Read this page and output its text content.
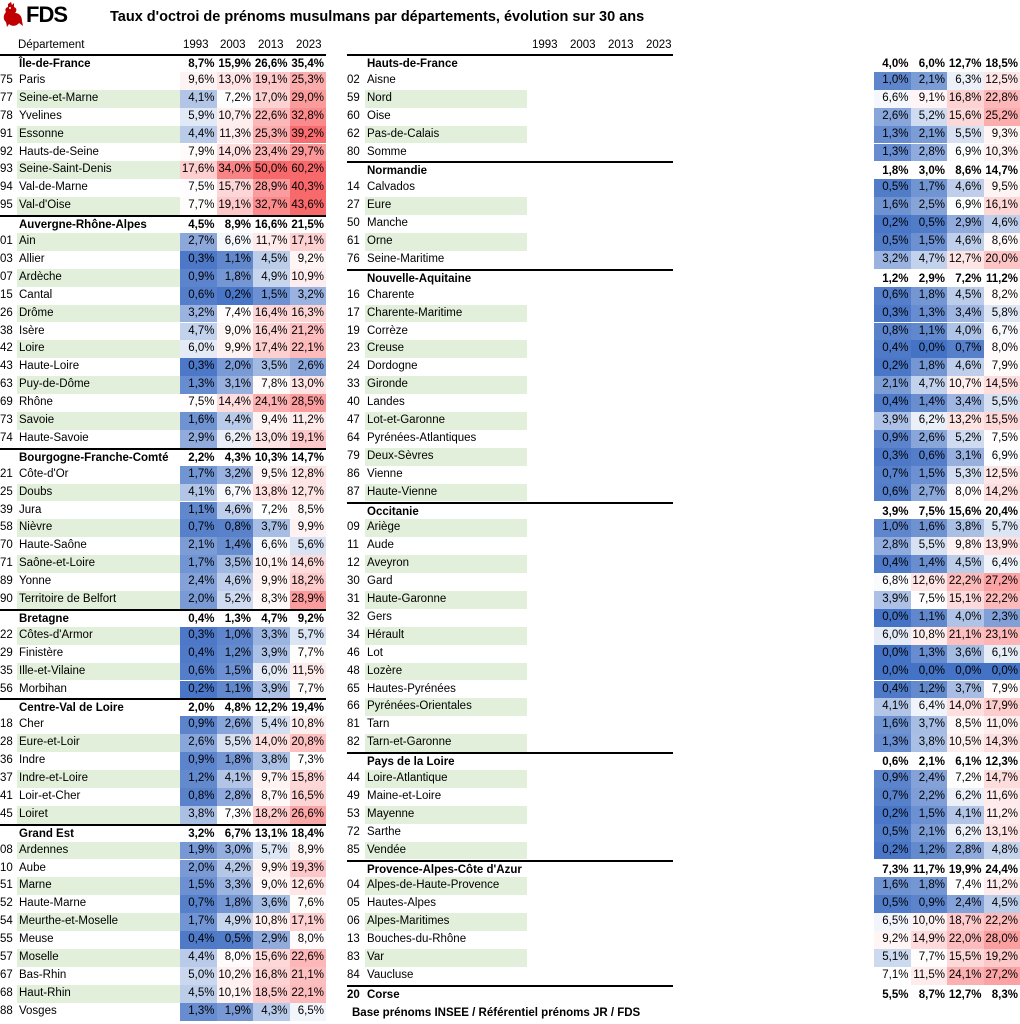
FDS	Taux d'octroi de prénoms musulmans par départements, évolution sur 30 ans
Département	1993 2003 2013 2023
Île-de-France	8,7% 15,9% 26,6% 35,4%
75 Paris	9,6% 13,0% 19,1% 25,3%
77 Seine-et-Marne	4,1% 7,2% 17,0% 29,0%
78 Yvelines	5,9% 10,7% 22,6% 32,8%
91 Essonne	4,4% 11,3% 25,3% 39,2%
92 Hauts-de-Seine	7,9% 14,0% 23,4% 29,7%
93 Seine-Saint-Denis	17,6% 34,0% 50,0% 60,2%
94 Val-de-Marne	7,5% 15,7% 28,9% 40,3%
95 Val-d'Oise	7,7% 19,1% 32,7% 43,6%
Auvergne-Rhône-Alpes	4,5% 8,9% 16,6% 21,5%
01 Ain	2,7% 6,6% 11,7% 17,1%
03 Allier	0,3% 1,1% 4,5% 9,2%
07 Ardèche	0,9% 1,8% 4,9% 10,9%
15 Cantal	0,6% 0,2% 1,5% 3,2%
26 Drôme	3,2% 7,4% 16,4% 16,3%
38 Isère	4,7% 9,0% 16,4% 21,2%
42 Loire	6,0% 9,9% 17,4% 22,1%
43 Haute-Loire	0,3% 2,0% 3,5% 2,6%
63 Puy-de-Dôme	1,3% 3,1% 7,8% 13,0%
69 Rhône	7,5% 14,4% 24,1% 28,5%
73 Savoie	1,6% 4,4% 9,4% 11,2%
74 Haute-Savoie	2,9% 6,2% 13,0% 19,1%
Bourgogne-Franche-Comté	2,2% 4,3% 10,3% 14,7%
21 Côte-d'Or	1,7% 3,2% 9,5% 12,8%
25 Doubs	4,1% 6,7% 13,8% 12,7%
39 Jura	1,1% 4,6% 7,2% 8,5%
58 Nièvre	0,7% 0,8% 3,7% 9,9%
70 Haute-Saône	2,1% 1,4% 6,6% 5,6%
71 Saône-et-Loire	1,7% 3,5% 10,1% 14,6%
89 Yonne	2,4% 4,6% 9,9% 18,2%
90 Territoire de Belfort	2,0% 5,2% 8,3% 28,9%
Bretagne	0,4% 1,3% 4,7% 9,2%
22 Côtes-d'Armor	0,3% 1,0% 3,3% 5,7%
29 Finistère	0,4% 1,2% 3,9% 7,7%
35 Ille-et-Vilaine	0,6% 1,5% 6,0% 11,5%
56 Morbihan	0,2% 1,1% 3,9% 7,7%
Centre-Val de Loire	2,0% 4,8% 12,2% 19,4%
18 Cher	0,9% 2,6% 5,4% 10,8%
28 Eure-et-Loir	2,6% 5,5% 14,0% 20,8%
36 Indre	0,9% 1,8% 3,8% 7,3%
37 Indre-et-Loire	1,2% 4,1% 9,7% 15,8%
41 Loir-et-Cher	0,8% 2,8% 8,7% 16,5%
45 Loiret	3,8% 7,3% 18,2% 26,6%
Grand Est	3,2% 6,7% 13,1% 18,4%
08 Ardennes	1,9% 3,0% 5,7% 8,9%
10 Aube	2,0% 4,2% 9,9% 19,3%
51 Marne	1,5% 3,3% 9,0% 12,6%
52 Haute-Marne	0,7% 1,8% 3,6% 7,6%
54 Meurthe-et-Moselle	1,7% 4,9% 10,8% 17,1%
55 Meuse	0,4% 0,5% 2,9% 8,0%
57 Moselle	4,4% 8,0% 15,6% 22,6%
67 Bas-Rhin	5,0% 10,2% 16,8% 21,1%
68 Haut-Rhin	4,5% 10,1% 18,5% 22,1%
88 Vosges	1,3% 1,9% 4,3% 6,5%
1993 2003 2013 2023
Hauts-de-France	4,0% 6,0% 12,7% 18,5%
02 Aisne	1,0% 2,1% 6,3% 12,5%
59 Nord	6,6% 9,1% 16,8% 22,8%
60 Oise	2,6% 5,2% 15,6% 25,2%
62 Pas-de-Calais	1,3% 2,1% 5,5% 9,3%
80 Somme	1,3% 2,8% 6,9% 10,3%
Normandie	1,8% 3,0% 8,6% 14,7%
14 Calvados	0,5% 1,7% 4,6% 9,5%
27 Eure	1,6% 2,5% 6,9% 16,1%
50 Manche	0,2% 0,5% 2,9% 4,6%
61 Orne	0,5% 1,5% 4,6% 8,6%
76 Seine-Maritime	3,2% 4,7% 12,7% 20,0%
Nouvelle-Aquitaine	1,2% 2,9% 7,2% 11,2%
16 Charente	0,6% 1,8% 4,5% 8,2%
17 Charente-Maritime	0,3% 1,3% 3,4% 5,8%
19 Corrèze	0,8% 1,1% 4,0% 6,7%
23 Creuse	0,4% 0,0% 0,7% 8,0%
24 Dordogne	0,2% 1,8% 4,6% 7,9%
33 Gironde	2,1% 4,7% 10,7% 14,5%
40 Landes	0,4% 1,4% 3,4% 5,5%
47 Lot-et-Garonne	3,9% 6,2% 13,2% 15,5%
64 Pyrénées-Atlantiques	0,9% 2,6% 5,2% 7,5%
79 Deux-Sèvres	0,3% 0,6% 3,1% 6,9%
86 Vienne	0,7% 1,5% 5,3% 12,5%
87 Haute-Vienne	0,6% 2,7% 8,0% 14,2%
Occitanie	3,9% 7,5% 15,6% 20,4%
09 Ariège	1,0% 1,6% 3,8% 5,7%
11 Aude	2,8% 5,5% 9,8% 13,9%
12 Aveyron	0,4% 1,4% 4,5% 6,4%
30 Gard	6,8% 12,6% 22,2% 27,2%
31 Haute-Garonne	3,9% 7,5% 15,1% 22,2%
32 Gers	0,0% 1,1% 4,0% 2,3%
34 Hérault	6,0% 10,8% 21,1% 23,1%
46 Lot	0,0% 1,3% 3,6% 6,1%
48 Lozère	0,0% 0,0% 0,0% 0,0%
65 Hautes-Pyrénées	0,4% 1,2% 3,7% 7,9%
66 Pyrénées-Orientales	4,1% 6,4% 14,0% 17,9%
81 Tarn	1,6% 3,7% 8,5% 11,0%
82 Tarn-et-Garonne	1,3% 3,8% 10,5% 14,3%
Pays de la Loire	0,6% 2,1% 6,1% 12,3%
44 Loire-Atlantique	0,9% 2,4% 7,2% 14,7%
49 Maine-et-Loire	0,7% 2,2% 6,2% 11,6%
53 Mayenne	0,2% 1,5% 4,1% 11,2%
72 Sarthe	0,5% 2,1% 6,2% 13,1%
85 Vendée	0,2% 1,2% 2,8% 4,8%
Provence-Alpes-Côte d'Azur	7,3% 11,7% 19,9% 24,4%
04 Alpes-de-Haute-Provence	1,6% 1,8% 7,4% 11,2%
05 Hautes-Alpes	0,5% 0,9% 2,4% 4,5%
06 Alpes-Maritimes	6,5% 10,0% 18,7% 22,2%
13 Bouches-du-Rhône	9,2% 14,9% 22,0% 28,0%
83 Var	5,1% 7,7% 15,5% 19,2%
84 Vaucluse	7,1% 11,5% 24,1% 27,2%
20 Corse	5,5% 8,7% 12,7% 8,3%
Base prénoms INSEE / Référentiel prénoms JR / FDS
